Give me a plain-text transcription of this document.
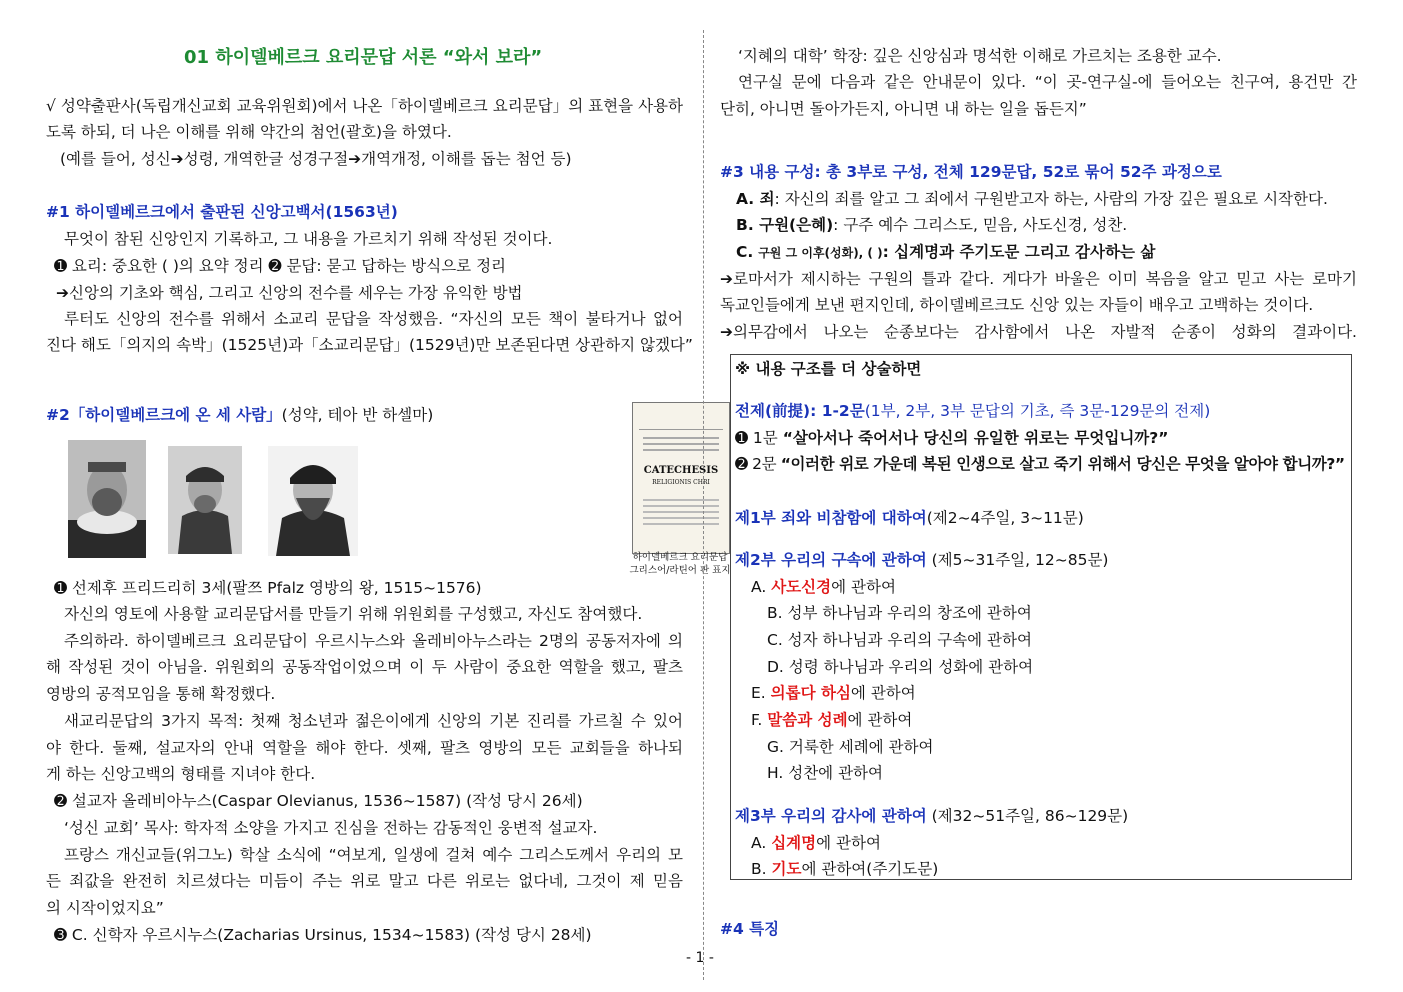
01 하이델베르크 요리문답 서론 “와서 보라”
√ 성약출판사(독립개신교회 교육위원회)에서 나온「하이델베르크 요리문답」의 표현을 사용하
도록 하되, 더 나은 이해를 위해 약간의 첨언(괄호)을 하였다.
(예를 들어, 성신➔성령, 개역한글 성경구절➔개역개정, 이해를 돕는 첨언 등)
#1 하이델베르크에서 출판된 신앙고백서(1563년)
무엇이 참된 신앙인지 기록하고, 그 내용을 가르치기 위해 작성된 것이다.
➊ 요리: 중요한 ( )의 요약 정리 ➋ 문답: 묻고 답하는 방식으로 정리
➔신앙의 기초와 핵심, 그리고 신앙의 전수를 세우는 가장 유익한 방법
루터도 신앙의 전수를 위해서 소교리 문답을 작성했음. “자신의 모든 책이 불타거나 없어
진다 해도「의지의 속박」(1525년)과「소교리문답」(1529년)만 보존된다면 상관하지 않겠다”
#2「하이델베르크에 온 세 사람」(성약, 테아 반 하셀마)
CATECHESIS
RELIGIONIS CHRI
하이델베르크 요리문답
그리스어/라틴어 판 표지
➊ 선제후 프리드리히 3세(팔쯔 Pfalz 영방의 왕, 1515~1576)
자신의 영토에 사용할 교리문답서를 만들기 위해 위원회를 구성했고, 자신도 참여했다.
주의하라. 하이델베르크 요리문답이 우르시누스와 올레비아누스라는 2명의 공동저자에 의
해 작성된 것이 아님을. 위원회의 공동작업이었으며 이 두 사람이 중요한 역할을 했고, 팔츠
영방의 공적모임을 통해 확정했다.
새교리문답의 3가지 목적: 첫째 청소년과 젊은이에게 신앙의 기본 진리를 가르칠 수 있어
야 한다. 둘째, 설교자의 안내 역할을 해야 한다. 셋째, 팔츠 영방의 모든 교회들을 하나되
게 하는 신앙고백의 형태를 지녀야 한다.
➋ 설교자 올레비아누스(Caspar Olevianus, 1536~1587) (작성 당시 26세)
‘성신 교회’ 목사: 학자적 소양을 가지고 진심을 전하는 감동적인 웅변적 설교자.
프랑스 개신교들(위그노) 학살 소식에 “여보게, 일생에 걸쳐 예수 그리스도께서 우리의 모
든 죄값을 완전히 치르셨다는 미듬이 주는 위로 말고 다른 위로는 없다네, 그것이 제 믿음
의 시작이었지요”
➌ C. 신학자 우르시누스(Zacharias Ursinus, 1534~1583) (작성 당시 28세)
‘지혜의 대학’ 학장: 깊은 신앙심과 명석한 이해로 가르치는 조용한 교수.
연구실 문에 다음과 같은 안내문이 있다. “이 곳-연구실-에 들어오는 친구여, 용건만 간
단히, 아니면 돌아가든지, 아니면 내 하는 일을 돕든지”
#3 내용 구성: 총 3부로 구성, 전체 129문답, 52로 묶어 52주 과정으로
A. 죄: 자신의 죄를 알고 그 죄에서 구원받고자 하는, 사람의 가장 깊은 필요로 시작한다.
B. 구원(은혜): 구주 예수 그리스도, 믿음, 사도신경, 성찬.
C. 구원 그 이후(성화), ( ): 십계명과 주기도문 그리고 감사하는 삶
➔로마서가 제시하는 구원의 틀과 같다. 게다가 바울은 이미 복음을 알고 믿고 사는 로마기
독교인들에게 보낸 편지인데, 하이델베르크도 신앙 있는 자들이 배우고 고백하는 것이다.
➔의무감에서 나오는 순종보다는 감사함에서 나온 자발적 순종이 성화의 결과이다.
#4 특징
※ 내용 구조를 더 상술하면
전제(前提): 1-2문(1부, 2부, 3부 문답의 기초, 즉 3문-129문의 전제)
➊ 1문 “살아서나 죽어서나 당신의 유일한 위로는 무엇입니까?”
➋ 2문 “이러한 위로 가운데 복된 인생으로 살고 죽기 위해서 당신은 무엇을 알아야 합니까?”
제1부 죄와 비참함에 대하여(제2~4주일, 3~11문)
제2부 우리의 구속에 관하여 (제5~31주일, 12~85문)
A. 사도신경에 관하여
B. 성부 하나님과 우리의 창조에 관하여
C. 성자 하나님과 우리의 구속에 관하여
D. 성령 하나님과 우리의 성화에 관하여
E. 의롭다 하심에 관하여
F. 말씀과 성례에 관하여
G. 거룩한 세례에 관하여
H. 성찬에 관하여
제3부 우리의 감사에 관하여 (제32~51주일, 86~129문)
A. 십계명에 관하여
B. 기도에 관하여(주기도문)
- 1 -
